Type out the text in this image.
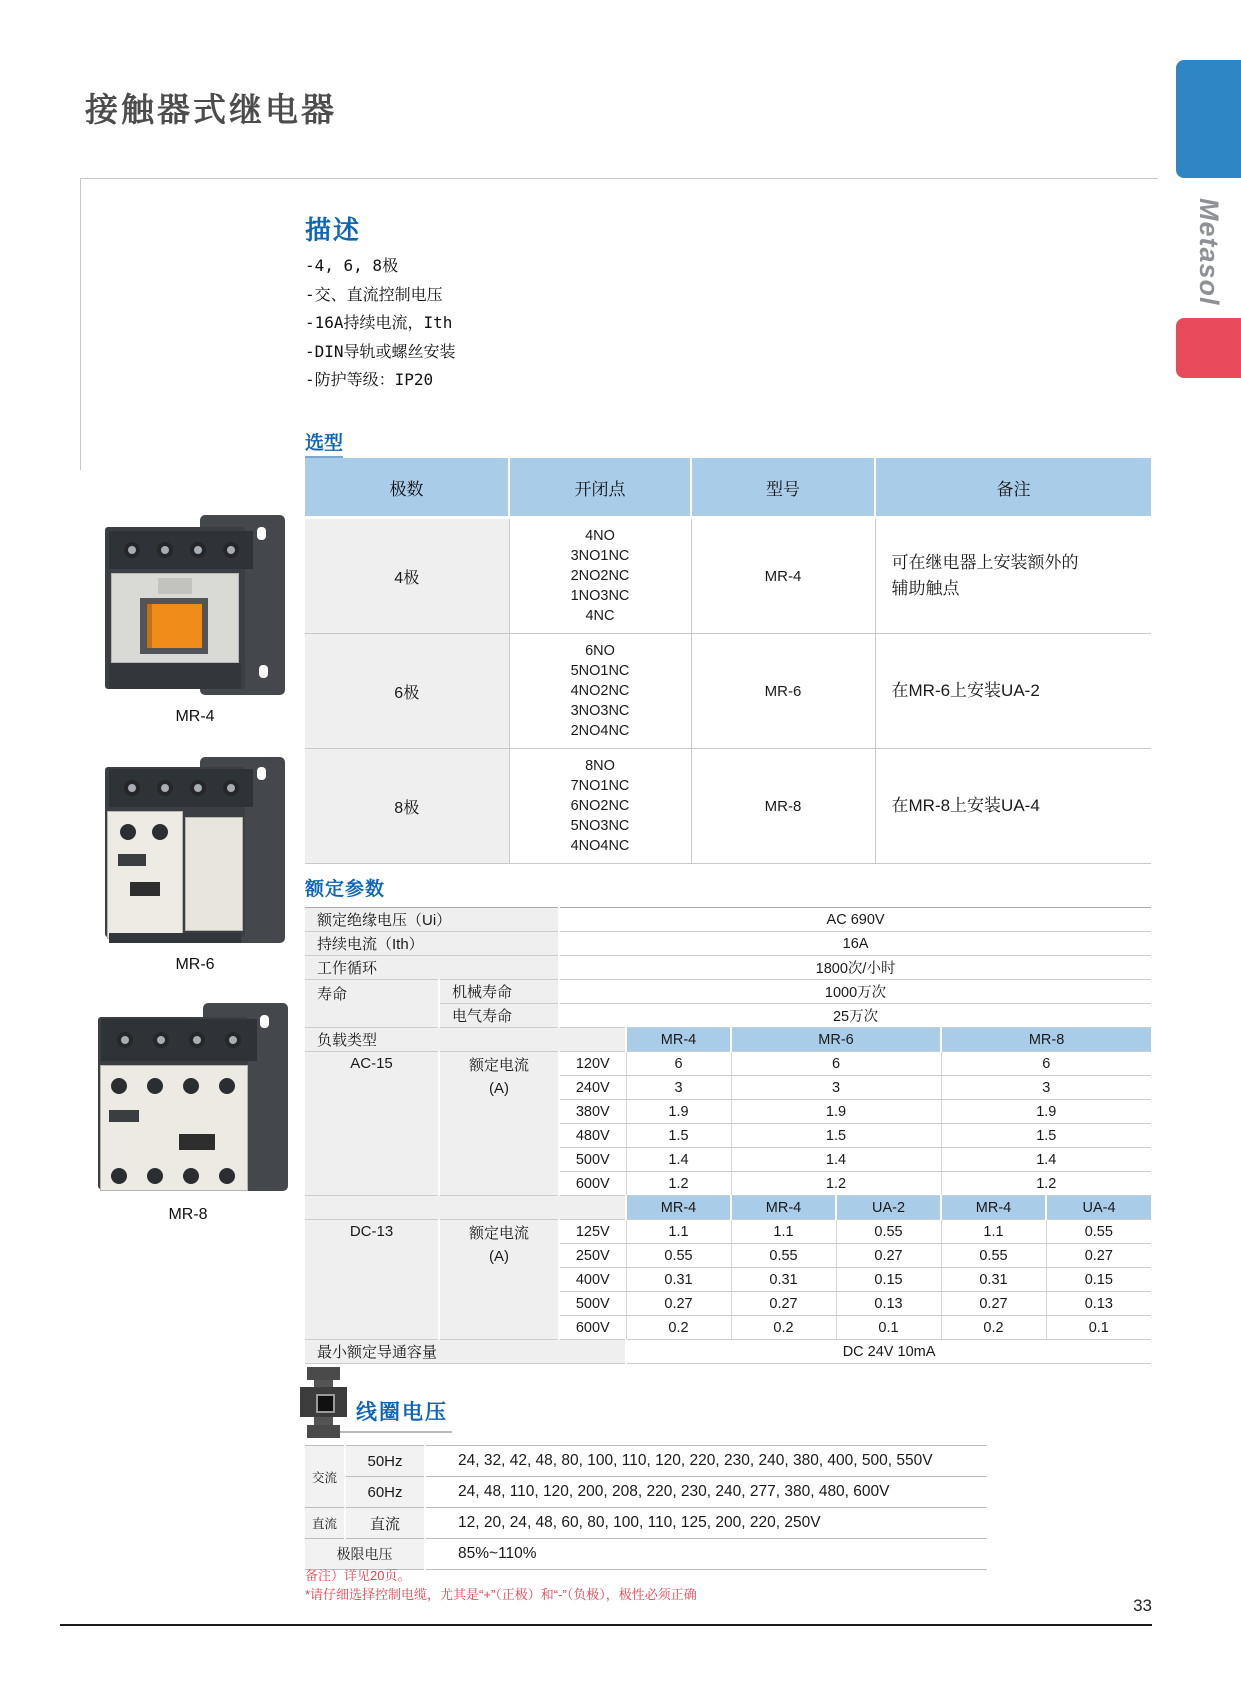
接触器式继电器
Metasol
描述
-4, 6, 8极
-交、直流控制电压
-16A持续电流，Ith
-DIN导轨或螺丝安装
-防护等级：IP20
MR-4
MR-6
MR-8
选型
极数	开闭点	型号	备注
4极	4NO
3NO1NC
2NO2NC
1NO3NC
4NC	MR-4	可在继电器上安装额外的辅助触点

6极	6NO
5NO1NC
4NO2NC
3NO3NC
2NO4NC	MR-6	在MR-6上安装UA-2

8极	8NO
7NO1NC
6NO2NC
5NO3NC
4NO4NC	MR-8	在MR-8上安装UA-4
额定参数
额定绝缘电压（Ui）		AC 690V					
持续电流（Ith）		16A					
工作循环		1800次/小时					
寿命	机械寿命	1000万次					
	电气寿命	25万次					
负载类型			MR-4	MR-6		MR-8	
AC-15	额定电流
(A)	120V	6	6		6	
		240V	3	3		3	
		380V	1.9	1.9		1.9	
		480V	1.5	1.5		1.5	
		500V	1.4	1.4		1.4	
		600V	1.2	1.2		1.2	
			MR-4	MR-4	UA-2	MR-4	UA-4
DC-13	额定电流
(A)	125V	1.1	1.1	0.55	1.1	0.55
		250V	0.55	0.55	0.27	0.55	0.27
		400V	0.31	0.31	0.15	0.31	0.15
		500V	0.27	0.27	0.13	0.27	0.13
		600V	0.2	0.2	0.1	0.2	0.1
最小额定导通容量			DC 24V 10mA				
线圈电压
交流	50Hz	24, 32, 42, 48, 80, 100, 110, 120, 220, 230, 240, 380, 400, 500, 550V
	60Hz	24, 48, 110, 120, 200, 208, 220, 230, 240, 277, 380, 480, 600V
直流	直流	12, 20, 24, 48, 60, 80, 100, 110, 125, 200, 220, 250V
极限电压		85%~110%
备注）详见20页。
*请仔细选择控制电缆，尤其是“+”（正极）和“-”（负极），极性必须正确
33
